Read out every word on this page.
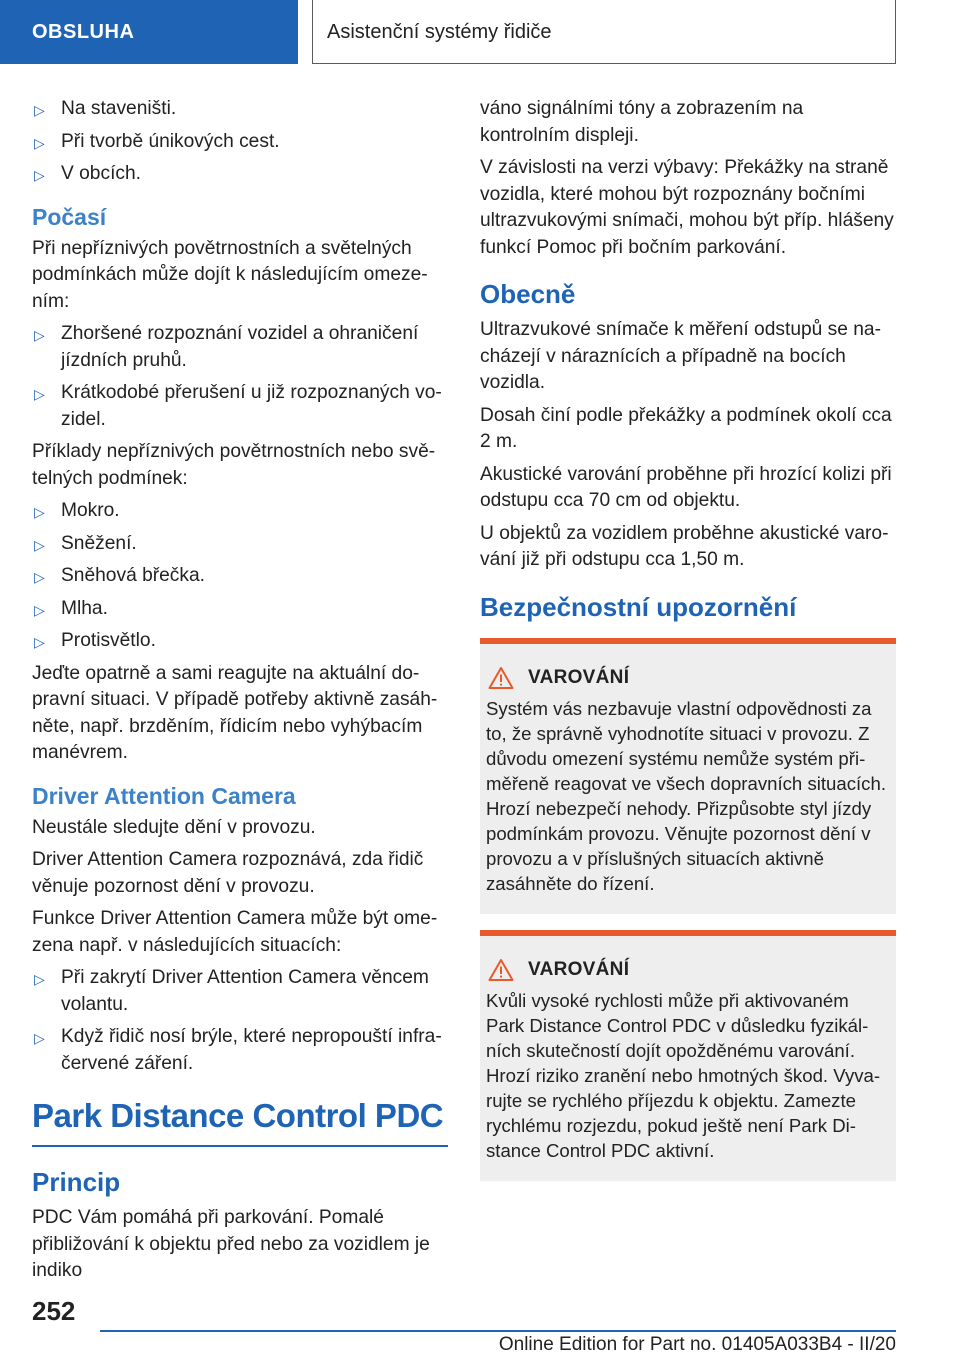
OBSLUHA	Asistenční systémy řidiče
▷ Na staveništi.
▷ Při tvorbě únikových cest.
▷ V obcích.
Počasí

Při nepříznivých povětrnostních a světelných podmínkách může dojít k následujícím omezením:

▷ Zhoršené rozpoznání vozidel a ohraničení jízdních pruhů.
▷ Krátkodobé přerušení u již rozpoznaných vozidel.

Příklady nepříznivých povětrnostních nebo světelných podmínek:

▷ Mokro.
▷ Sněžení.
▷ Sněhová břečka.
▷ Mlha.
▷ Protisvětlo.

Jeďte opatrně a sami reagujte na aktuální dopravní situaci. V případě potřeby aktivně zasáhněte, např. brzděním, řídicím nebo vyhýbacím manévrem.

Driver Attention Camera

Neustále sledujte dění v provozu.

Driver Attention Camera rozpoznává, zda řidič věnuje pozornost dění v provozu.

Funkce Driver Attention Camera může být omezena např. v následujících situacích:

▷ Při zakrytí Driver Attention Camera věncem volantu.
▷ Když řidič nosí brýle, které nepropouští infračervené záření.
Park Distance Control PDC
Princip

PDC Vám pomáhá při parkování. Pomalé přibližování k objektu před nebo za vozidlem je indiko

váno signálními tóny a zobrazením na kontrolním displeji.

V závislosti na verzi výbavy: Překážky na straně vozidla, které mohou být rozpoznány bočními ultrazvukovými snímači, mohou být příp. hlášeny funkcí Pomoc při bočním parkování.

Obecně

Ultrazvukové snímače k měření odstupů se nacházejí v náraznících a případně na bocích vozidla.

Dosah činí podle překážky a podmínek okolí cca 2 m.

Akustické varování proběhne při hrozící kolizi při odstupu cca 70 cm od objektu.

U objektů za vozidlem proběhne akustické varování již při odstupu cca 1,50 m.

Bezpečnostní upozornění
VAROVÁNÍ

Systém vás nezbavuje vlastní odpovědnosti za to, že správně vyhodnotíte situaci v provozu. Z důvodu omezení systému nemůže systém přiměřeně reagovat ve všech dopravních situacích. Hrozí nebezpečí nehody. Přizpůsobte styl jízdy podmínkám provozu. Věnujte pozornost dění v provozu a v příslušných situacích aktivně zasáhněte do řízení.

VAROVÁNÍ

Kvůli vysoké rychlosti může při aktivovaném Park Distance Control PDC v důsledku fyzikálních skutečností dojít opožděnému varování. Hrozí riziko zranění nebo hmotných škod. Vyvarujte se rychlého příjezdu k objektu. Zamezte rychlému rozjezdu, pokud ještě není Park Distance Control PDC aktivní.

252
Online Edition for Part no. 01405A033B4 - II/20
